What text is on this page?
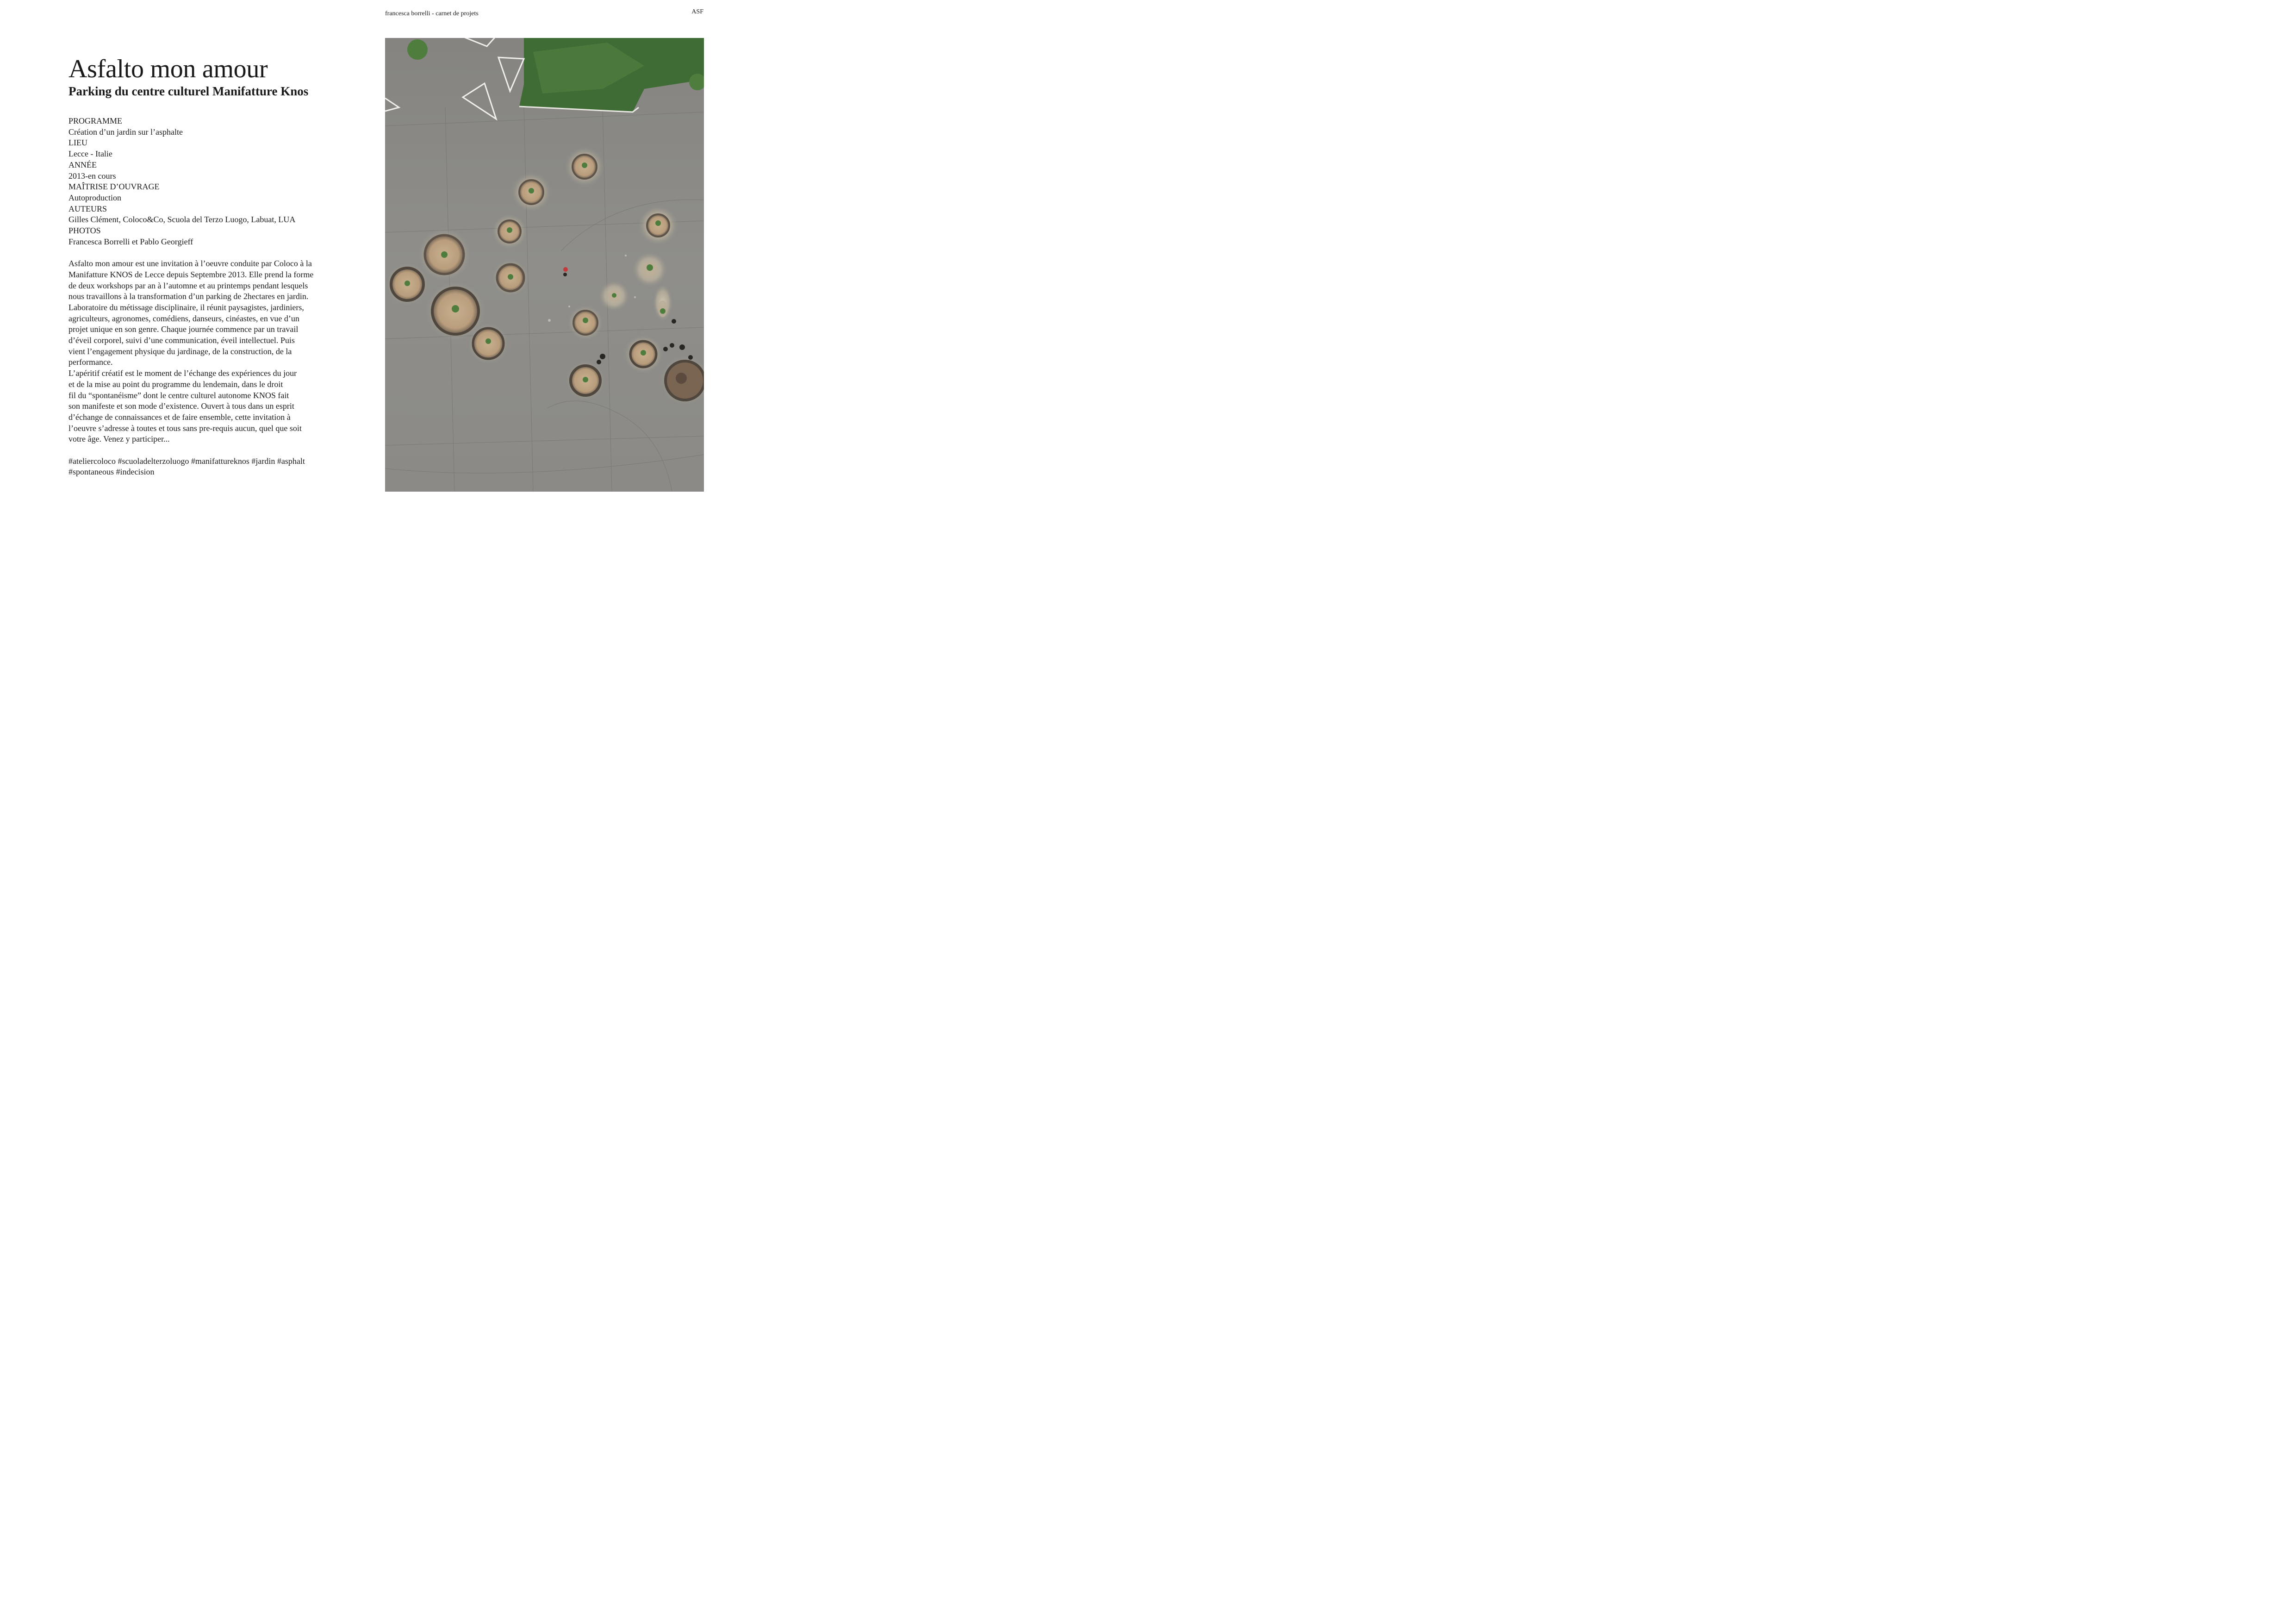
francesca borrelli - carnet de projets	ASF
Asfalto mon amour
Parking du centre culturel Manifatture Knos
PROGRAMME
Création d’un jardin sur l’asphalte
LIEU
Lecce - Italie
ANNÉE
2013-en cours
MAÎTRISE D’OUVRAGE
Autoproduction
AUTEURS
Gilles Clément, Coloco&Co, Scuola del Terzo Luogo, Labuat, LUA
PHOTOS
Francesca Borrelli et Pablo Georgieff

Asfalto mon amour est une invitation à l’oeuvre conduite par Coloco à la
Manifatture KNOS de Lecce depuis Septembre 2013. Elle prend la forme
de deux workshops par an à l’automne et au printemps pendant lesquels
nous travaillons à la transformation d’un parking de 2hectares en jardin.
Laboratoire du métissage disciplinaire, il réunit paysagistes, jardiniers,
agriculteurs, agronomes, comédiens, danseurs, cinéastes, en vue d’un
projet unique en son genre. Chaque journée commence par un travail
d’éveil corporel, suivi d’une communication, éveil intellectuel. Puis
vient l’engagement physique du jardinage, de la construction, de la
performance.

L’apéritif créatif est le moment de l’échange des expériences du jour
et de la mise au point du programme du lendemain, dans le droit
fil du “spontanéisme” dont le centre culturel autonome KNOS fait
son manifeste et son mode d’existence. Ouvert à tous dans un esprit
d’échange de connaissances et de faire ensemble, cette invitation à
l’oeuvre s’adresse à toutes et tous sans pre-requis aucun, quel que soit
votre âge. Venez y participer...

#ateliercoloco #scuoladelterzoluogo #manifattureknos #jardin #asphalt
#spontaneous #indecision
